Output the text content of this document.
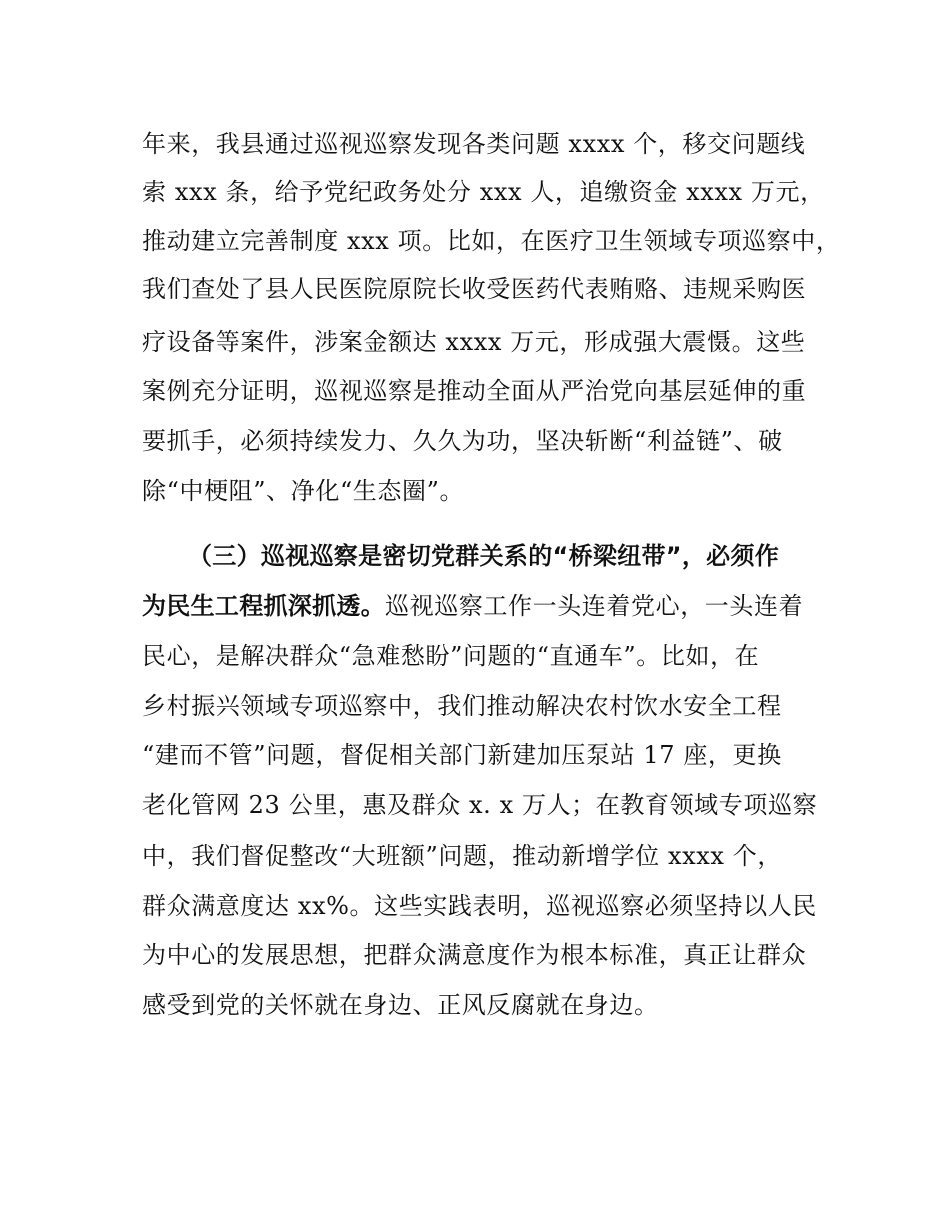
年来，我县通过巡视巡察发现各类问题 xxxx 个，移交问题线
索 xxx 条，给予党纪政务处分 xxx 人，追缴资金 xxxx 万元，
推动建立完善制度 xxx 项。比如，在医疗卫生领域专项巡察中，
我们查处了县人民医院原院长收受医药代表贿赂、违规采购医
疗设备等案件，涉案金额达 xxxx 万元，形成强大震慑。这些
案例充分证明，巡视巡察是推动全面从严治党向基层延伸的重
要抓手，必须持续发力、久久为功，坚决斩断“利益链”、破
除“中梗阻”、净化“生态圈”。
（三）巡视巡察是密切党群关系的“桥梁纽带”，必须作
为民生工程抓深抓透。巡视巡察工作一头连着党心，一头连着
民心，是解决群众“急难愁盼”问题的“直通车”。比如，在
乡村振兴领域专项巡察中，我们推动解决农村饮水安全工程
“建而不管”问题，督促相关部门新建加压泵站 17 座，更换
老化管网 23 公里，惠及群众 x. x 万人；在教育领域专项巡察
中，我们督促整改“大班额”问题，推动新增学位 xxxx 个，
群众满意度达 xx%。这些实践表明，巡视巡察必须坚持以人民
为中心的发展思想，把群众满意度作为根本标准，真正让群众
感受到党的关怀就在身边、正风反腐就在身边。
